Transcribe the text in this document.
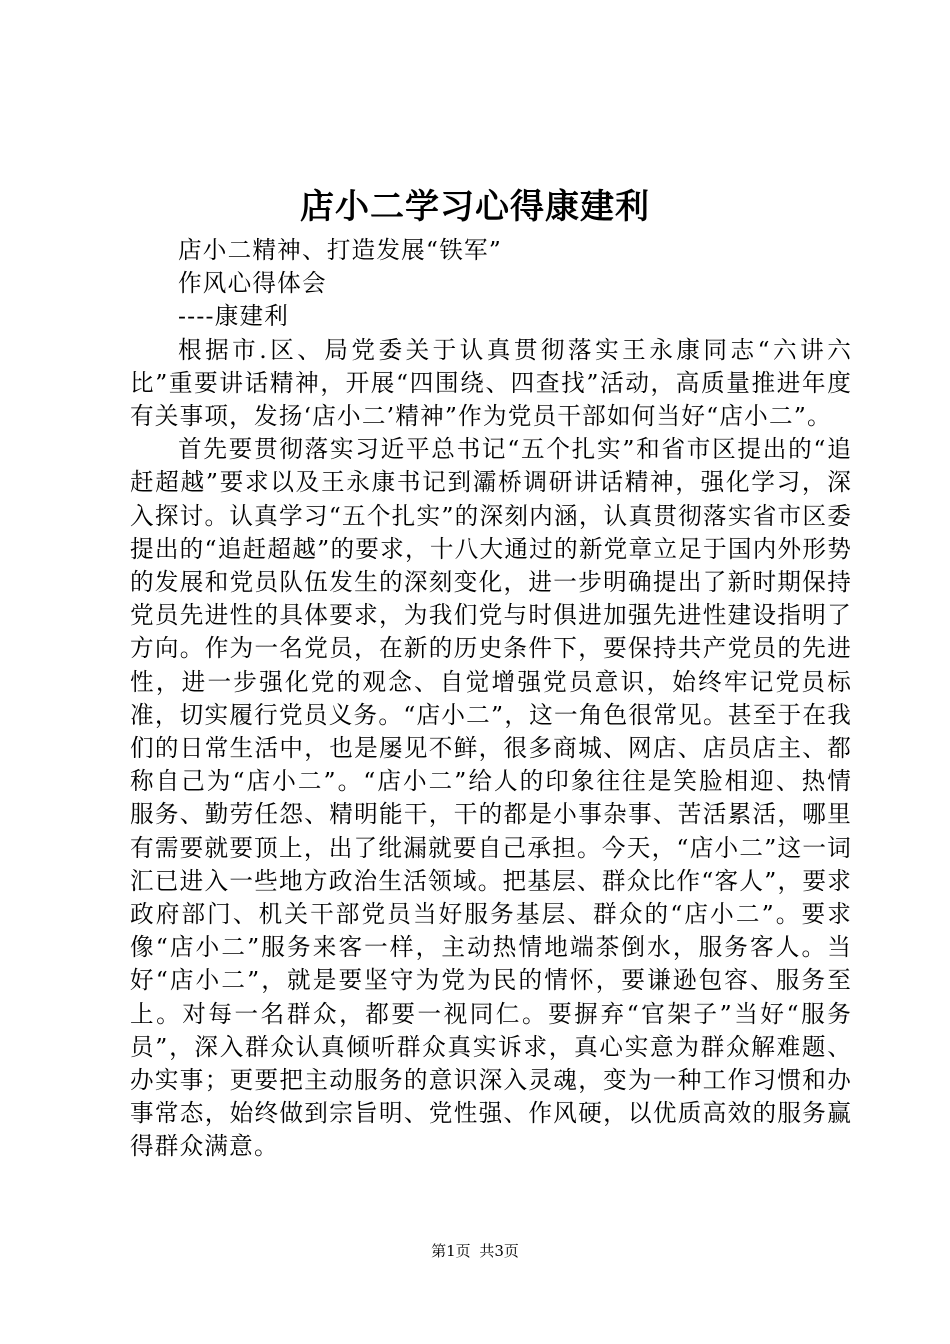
店小二学习心得康建利

店小二精神、打造发展“铁军”

作风心得体会

----康建利

根据市.区、局党委关于认真贯彻落实王永康同志“六讲六比”重要讲话精神，开展“四围绕、四查找”活动，高质量推进年度有关事项，发扬‘店小二’精神”作为党员干部如何当好“店小二”。

首先要贯彻落实习近平总书记“五个扎实”和省市区提出的“追赶超越”要求以及王永康书记到灞桥调研讲话精神，强化学习，深入探讨。认真学习“五个扎实”的深刻内涵，认真贯彻落实省市区委提出的“追赶超越”的要求，十八大通过的新党章立足于国内外形势的发展和党员队伍发生的深刻变化，进一步明确提出了新时期保持党员先进性的具体要求，为我们党与时俱进加强先进性建设指明了方向。作为一名党员，在新的历史条件下，要保持共产党员的先进性，进一步强化党的观念、自觉增强党员意识，始终牢记党员标准，切实履行党员义务。“店小二”，这一角色很常见。甚至于在我们的日常生活中，也是屡见不鲜，很多商城、网店、店员店主、都称自己为“店小二”。“店小二”给人的印象往往是笑脸相迎、热情服务、勤劳任怨、精明能干，干的都是小事杂事、苦活累活，哪里有需要就要顶上，出了纰漏就要自己承担。今天，“店小二”这一词汇已进入一些地方政治生活领域。把基层、群众比作“客人”，要求政府部门、机关干部党员当好服务基层、群众的“店小二”。要求像“店小二”服务来客一样，主动热情地端茶倒水，服务客人。当好“店小二”，就是要坚守为党为民的情怀，要谦逊包容、服务至上。对每一名群众，都要一视同仁。要摒弃“官架子”当好“服务员”，深入群众认真倾听群众真实诉求，真心实意为群众解难题、办实事；更要把主动服务的意识深入灵魂，变为一种工作习惯和办事常态，始终做到宗旨明、党性强、作风硬，以优质高效的服务赢得群众满意。

第1页 共3页
